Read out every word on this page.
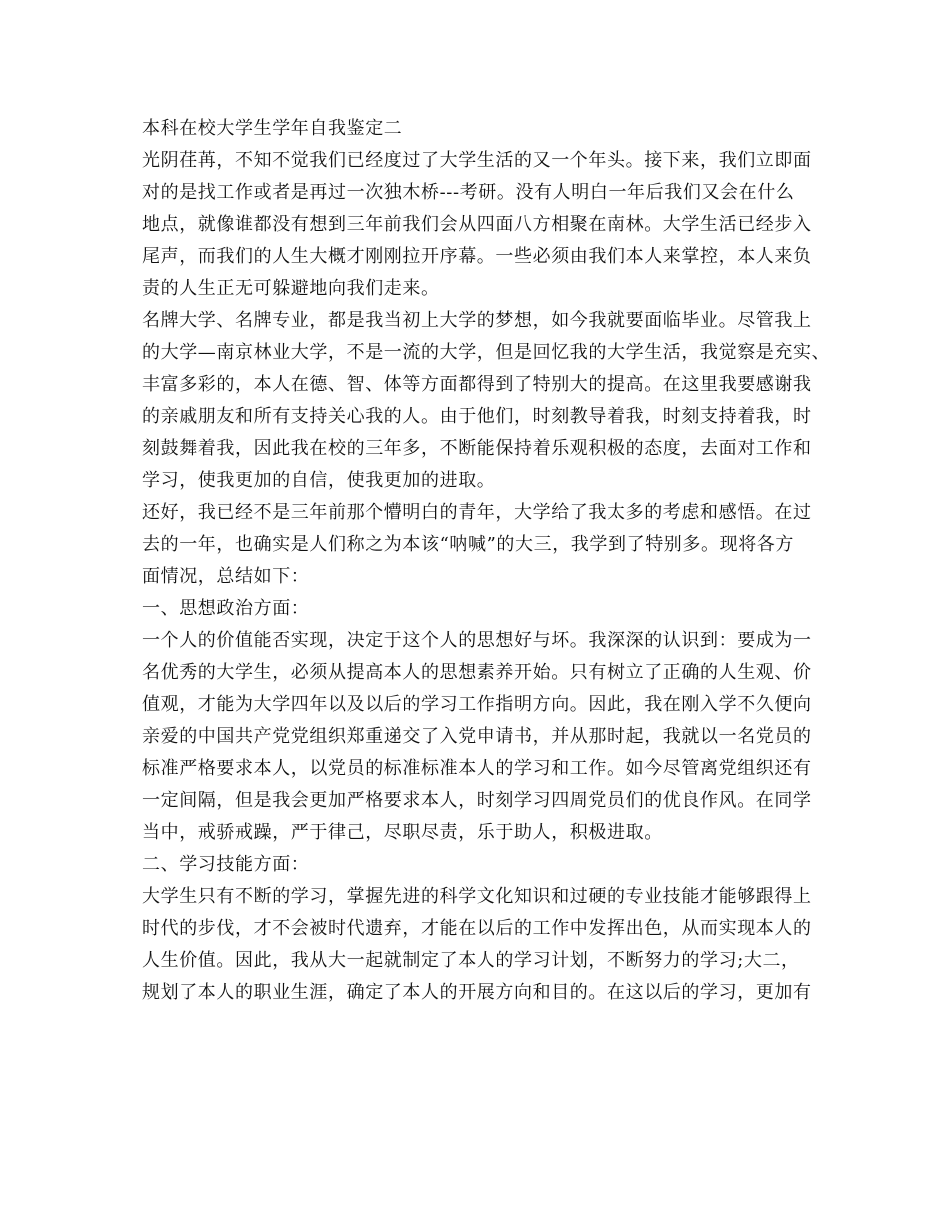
本科在校大学生学年自我鉴定二

光阴荏苒，不知不觉我们已经度过了大学生活的又一个年头。接下来，我们立即面

对的是找工作或者是再过一次独木桥---考研。没有人明白一年后我们又会在什么

地点，就像谁都没有想到三年前我们会从四面八方相聚在南林。大学生活已经步入

尾声，而我们的人生大概才刚刚拉开序幕。一些必须由我们本人来掌控，本人来负

责的人生正无可躲避地向我们走来。

名牌大学、名牌专业，都是我当初上大学的梦想，如今我就要面临毕业。尽管我上

的大学—南京林业大学，不是一流的大学，但是回忆我的大学生活，我觉察是充实、

丰富多彩的，本人在德、智、体等方面都得到了特别大的提高。在这里我要感谢我

的亲戚朋友和所有支持关心我的人。由于他们，时刻教导着我，时刻支持着我，时

刻鼓舞着我，因此我在校的三年多，不断能保持着乐观积极的态度，去面对工作和

学习，使我更加的自信，使我更加的进取。

还好，我已经不是三年前那个懵明白的青年，大学给了我太多的考虑和感悟。在过

去的一年，也确实是人们称之为本该“呐喊”的大三，我学到了特别多。现将各方

面情况，总结如下：

一、思想政治方面：

一个人的价值能否实现，决定于这个人的思想好与坏。我深深的认识到：要成为一

名优秀的大学生，必须从提高本人的思想素养开始。只有树立了正确的人生观、价

值观，才能为大学四年以及以后的学习工作指明方向。因此，我在刚入学不久便向

亲爱的中国共产党党组织郑重递交了入党申请书，并从那时起，我就以一名党员的

标准严格要求本人，以党员的标准标准本人的学习和工作。如今尽管离党组织还有

一定间隔，但是我会更加严格要求本人，时刻学习四周党员们的优良作风。在同学

当中，戒骄戒躁，严于律己，尽职尽责，乐于助人，积极进取。

二、学习技能方面：

大学生只有不断的学习，掌握先进的科学文化知识和过硬的专业技能才能够跟得上

时代的步伐，才不会被时代遗弃，才能在以后的工作中发挥出色，从而实现本人的

人生价值。因此，我从大一起就制定了本人的学习计划，不断努力的学习;大二，

规划了本人的职业生涯，确定了本人的开展方向和目的。在这以后的学习，更加有
